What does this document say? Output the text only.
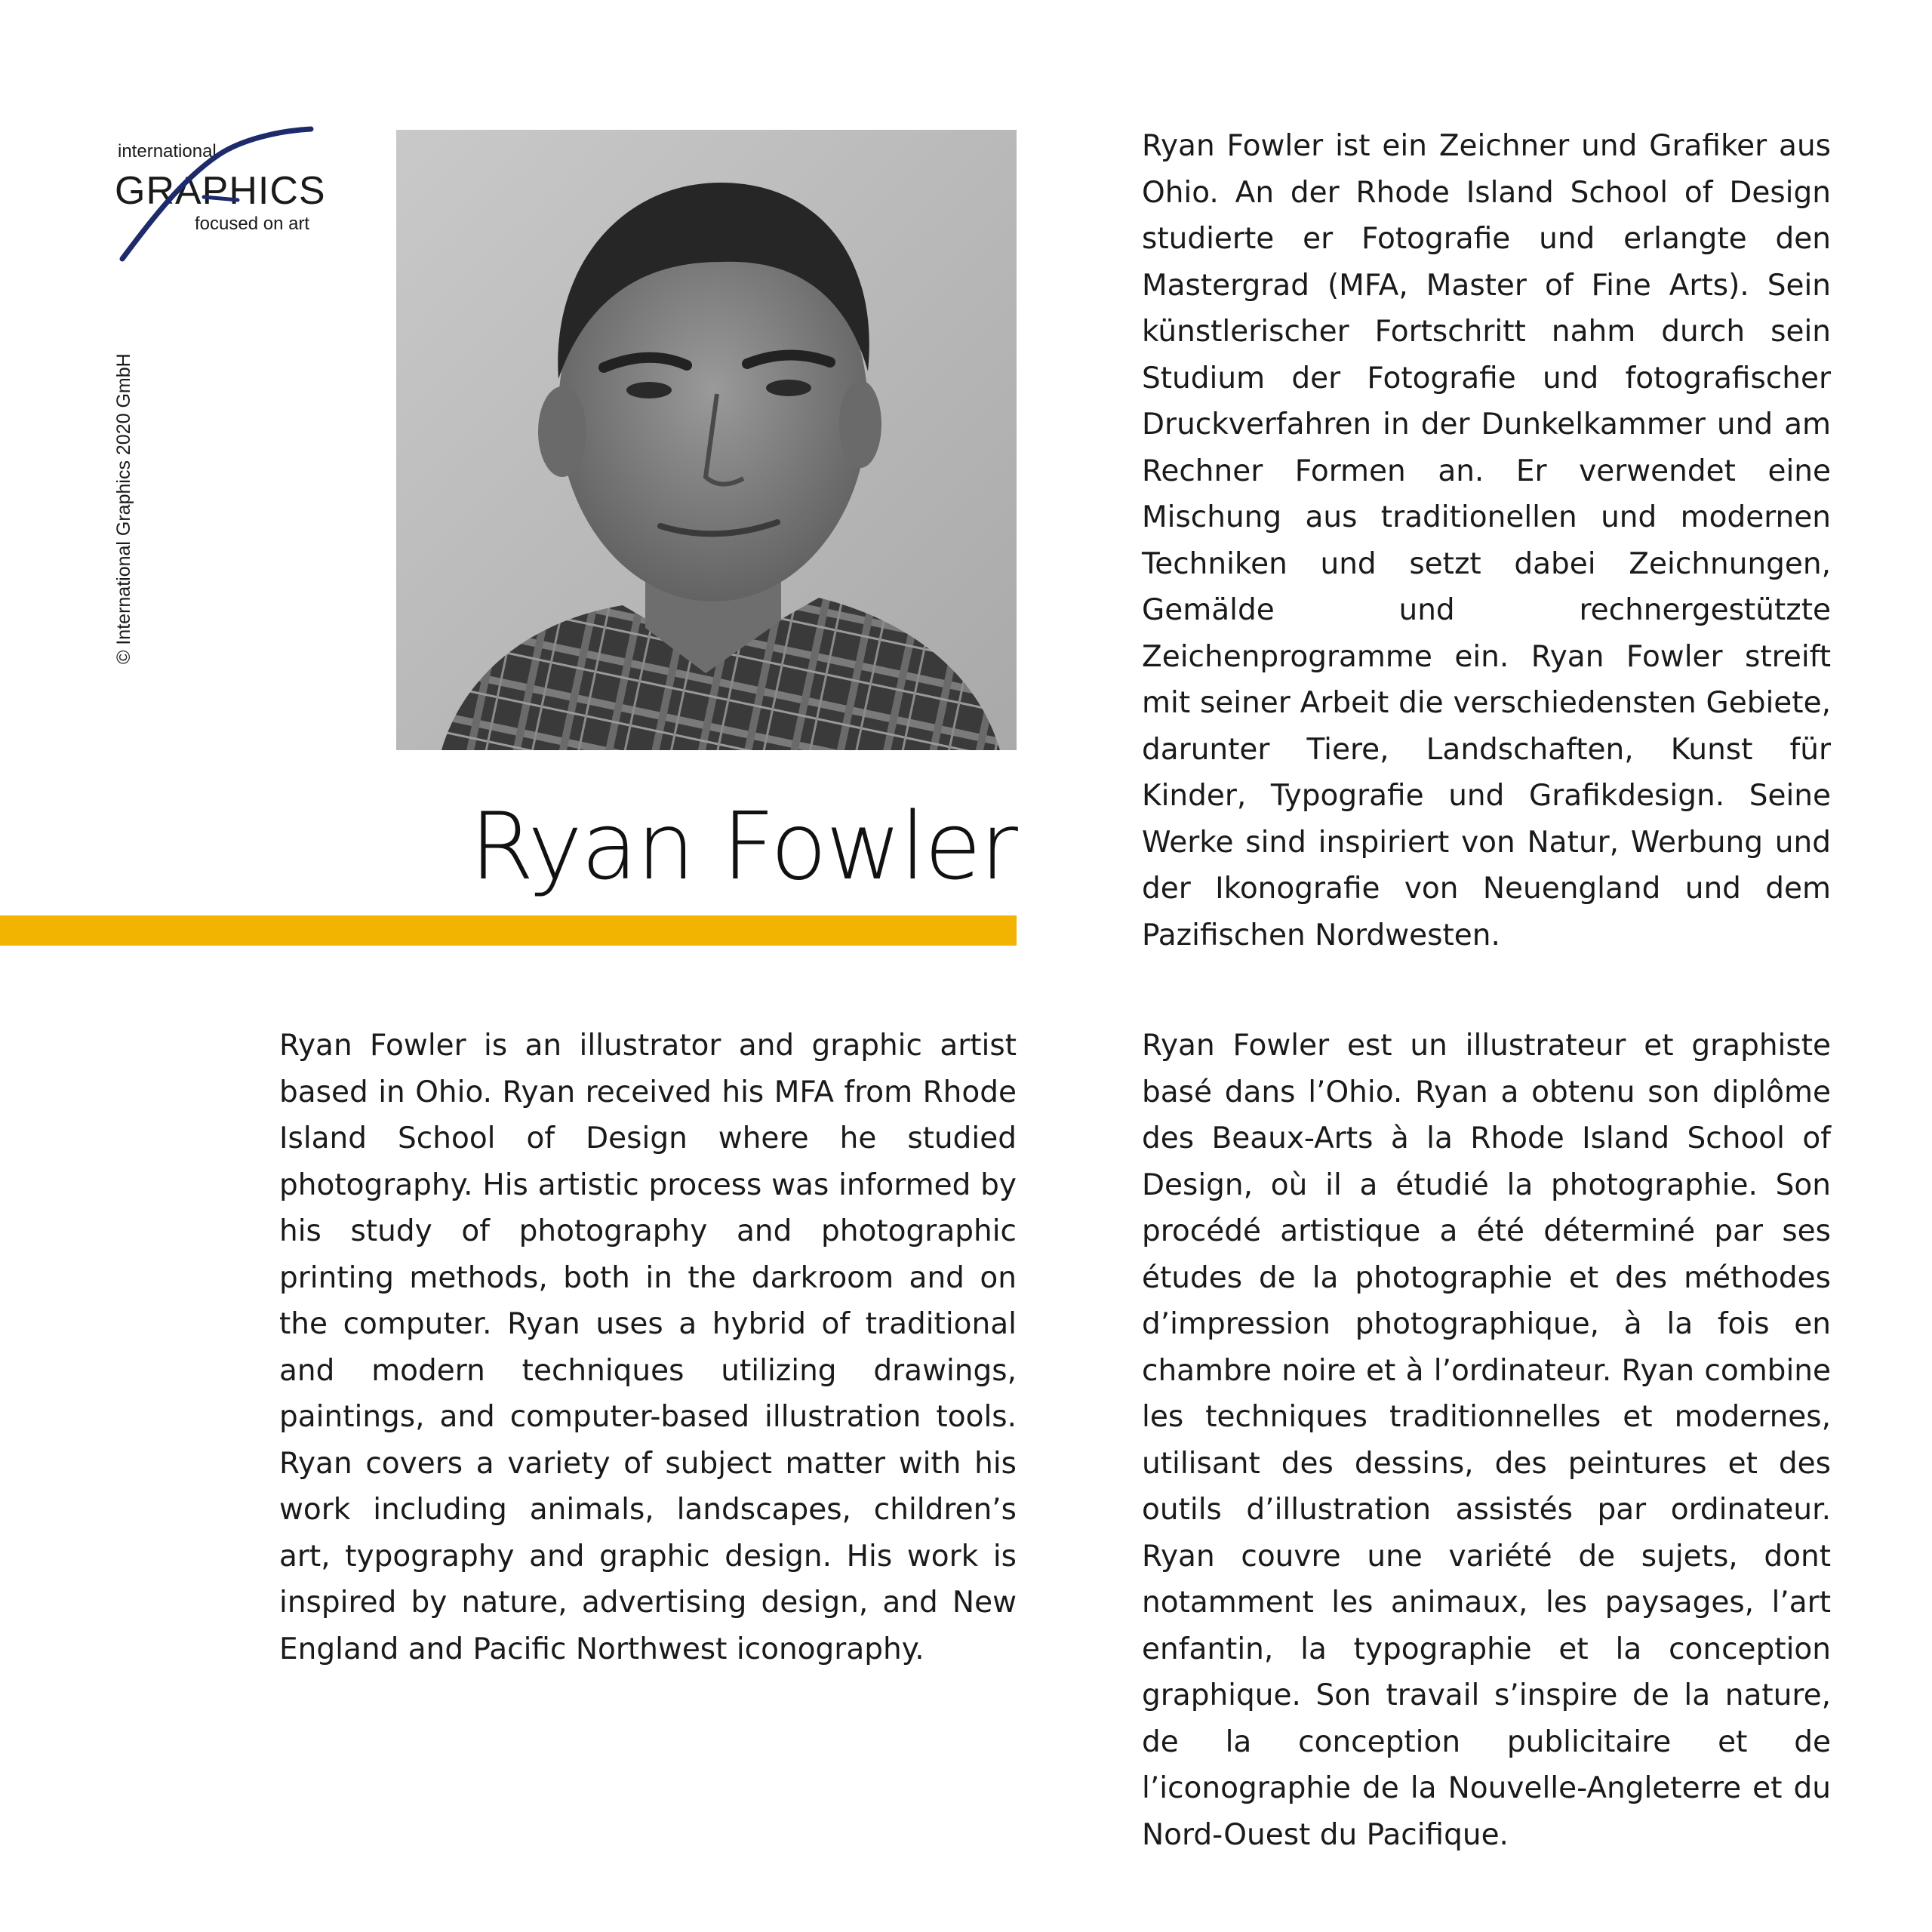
international
GRAPHICS
focused on art
© International Graphics 2020 GmbH
Ryan Fowler

Ryan Fowler ist ein Zeichner und Grafiker aus Ohio. An der Rhode Island School of Design studierte er Fotografie und erlangte den Mastergrad (MFA, Master of Fine Arts). Sein künstlerischer Fortschritt nahm durch sein Studium der Fotografie und fotografischer Druckverfahren in der Dunkelkammer und am Rechner Formen an. Er verwendet eine Mischung aus traditionellen und modernen Techniken und setzt dabei Zeichnungen, Gemälde und rechnergestützte Zeichenprogramme ein. Ryan Fowler streift mit seiner Arbeit die verschiedensten Gebiete, darunter Tiere, Landschaften, Kunst für Kinder, Typografie und Grafikdesign. Seine Werke sind inspiriert von Natur, Werbung und der Ikonografie von Neuengland und dem Pazifischen Nordwesten.

Ryan Fowler is an illustrator and graphic artist based in Ohio. Ryan received his MFA from Rhode Island School of Design where he studied photography. His artistic process was informed by his study of photography and photographic printing methods, both in the darkroom and on the computer. Ryan uses a hybrid of traditional and modern techniques utilizing drawings, paintings, and computer-based illustration tools. Ryan covers a variety of subject matter with his work including animals, landscapes, children’s art, typography and graphic design. His work is inspired by nature, advertising design, and New England and Pacific Northwest iconography.

Ryan Fowler est un illustrateur et graphiste basé dans l’Ohio. Ryan a obtenu son diplôme des Beaux-Arts à la Rhode Island School of Design, où il a étudié la photographie. Son procédé artistique a été déterminé par ses études de la photographie et des méthodes d’impression photographique, à la fois en chambre noire et à l’ordinateur. Ryan combine les techniques traditionnelles et modernes, utilisant des dessins, des peintures et des outils d’illustration assistés par ordinateur. Ryan couvre une variété de sujets, dont notamment les animaux, les paysages, l’art enfantin, la typographie et la conception graphique. Son travail s’inspire de la nature, de la conception publicitaire et de l’iconographie de la Nouvelle-Angleterre et du Nord-Ouest du Pacifique.
